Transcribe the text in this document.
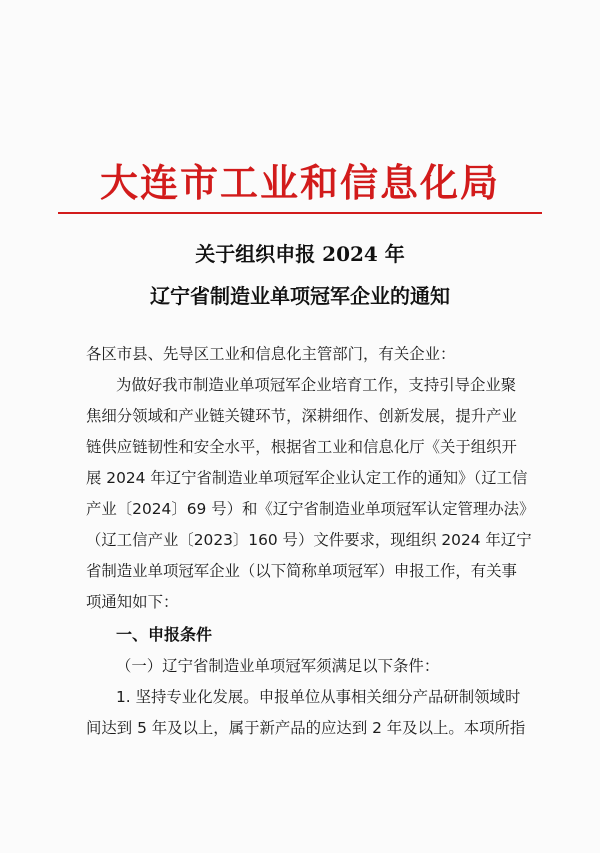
大连市工业和信息化局
关于组织申报 2024 年
辽宁省制造业单项冠军企业的通知
各区市县、先导区工业和信息化主管部门，有关企业：
为做好我市制造业单项冠军企业培育工作，支持引导企业聚
焦细分领域和产业链关键环节，深耕细作、创新发展，提升产业
链供应链韧性和安全水平，根据省工业和信息化厅《关于组织开
展 2024 年辽宁省制造业单项冠军企业认定工作的通知》（辽工信
产业〔2024〕69 号）和《辽宁省制造业单项冠军认定管理办法》
（辽工信产业〔2023〕160 号）文件要求，现组织 2024 年辽宁
省制造业单项冠军企业（以下简称单项冠军）申报工作，有关事
项通知如下：
一、申报条件
（一）辽宁省制造业单项冠军须满足以下条件：
1. 坚持专业化发展。申报单位从事相关细分产品研制领域时
间达到 5 年及以上，属于新产品的应达到 2 年及以上。本项所指
